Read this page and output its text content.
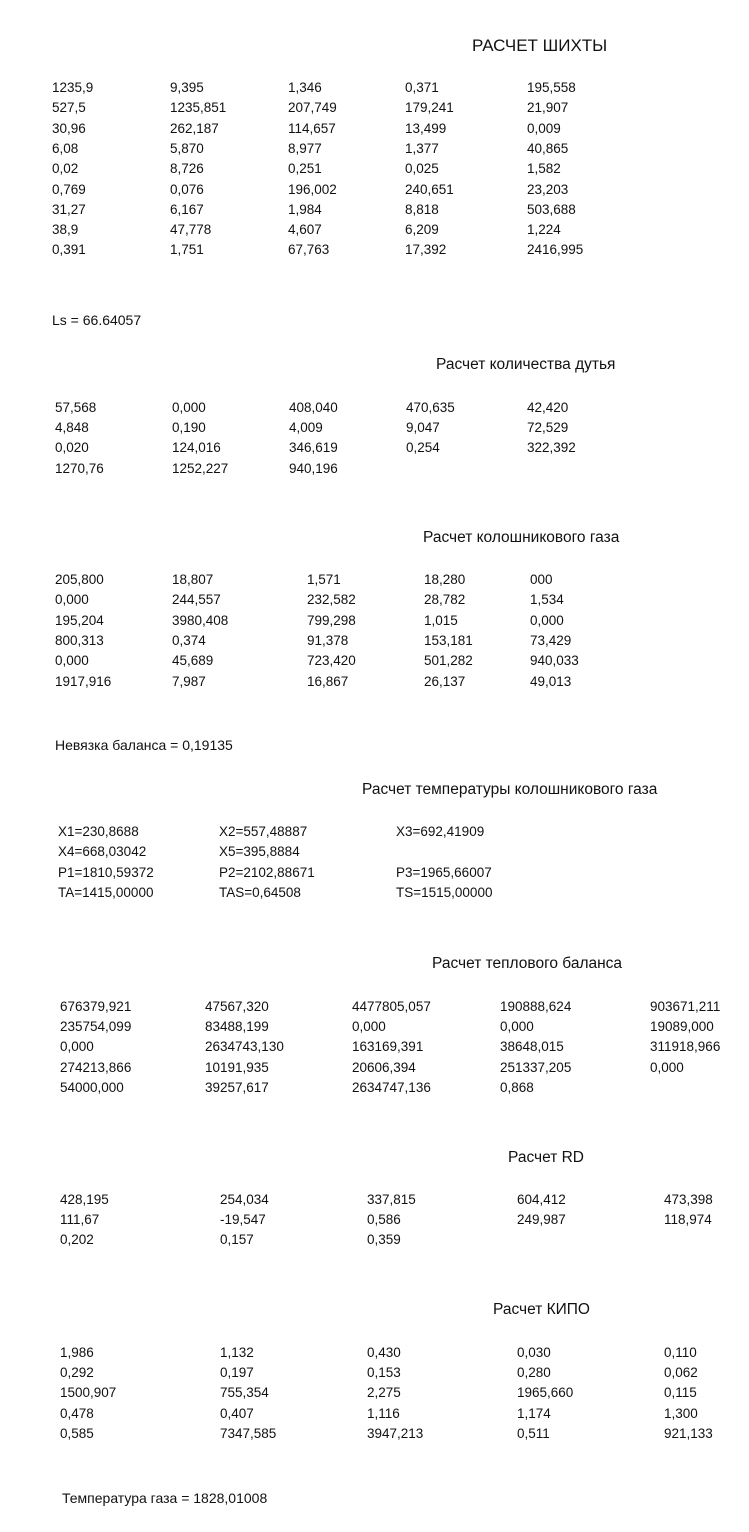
РАСЧЕТ ШИХТЫ
1235,9	9,395	1,346	0,371	195,558
527,5	1235,851	207,749	179,241	21,907
30,96	262,187	114,657	13,499	0,009
6,08	5,870	8,977	1,377	40,865
0,02	8,726	0,251	0,025	1,582
0,769	0,076	196,002	240,651	23,203
31,27	6,167	1,984	8,818	503,688
38,9	47,778	4,607	6,209	1,224
0,391	1,751	67,763	17,392	2416,995
Ls = 66.64057
Расчет количества дутья
57,568	0,000	408,040	470,635	42,420
4,848	0,190	4,009	9,047	72,529
0,020	124,016	346,619	0,254	322,392
1270,76	1252,227	940,196
Расчет колошникового газа
205,800	18,807	1,571	18,280	000
0,000	244,557	232,582	28,782	1,534
195,204	3980,408	799,298	1,015	0,000
800,313	0,374	91,378	153,181	73,429
0,000	45,689	723,420	501,282	940,033
1917,916	7,987	16,867	26,137	49,013
Невязка баланса = 0,19135
Расчет температуры колошникового газа
X1=230,8688	X2=557,48887	X3=692,41909
X4=668,03042	X5=395,8884
P1=1810,59372	P2=2102,88671	P3=1965,66007
TA=1415,00000	TAS=0,64508	TS=1515,00000
Расчет теплового баланса
676379,921	47567,320	4477805,057	190888,624	903671,211
235754,099	83488,199	0,000	0,000	19089,000
0,000	2634743,130	163169,391	38648,015	311918,966
274213,866	10191,935	20606,394	251337,205	0,000
54000,000	39257,617	2634747,136	0,868
Расчет RD
428,195	254,034	337,815	604,412	473,398
111,67	-19,547	0,586	249,987	118,974
0,202	0,157	0,359
Расчет КИПО
1,986	1,132	0,430	0,030	0,110
0,292	0,197	0,153	0,280	0,062
1500,907	755,354	2,275	1965,660	0,115
0,478	0,407	1,116	1,174	1,300
0,585	7347,585	3947,213	0,511	921,133
Температура газа = 1828,01008
